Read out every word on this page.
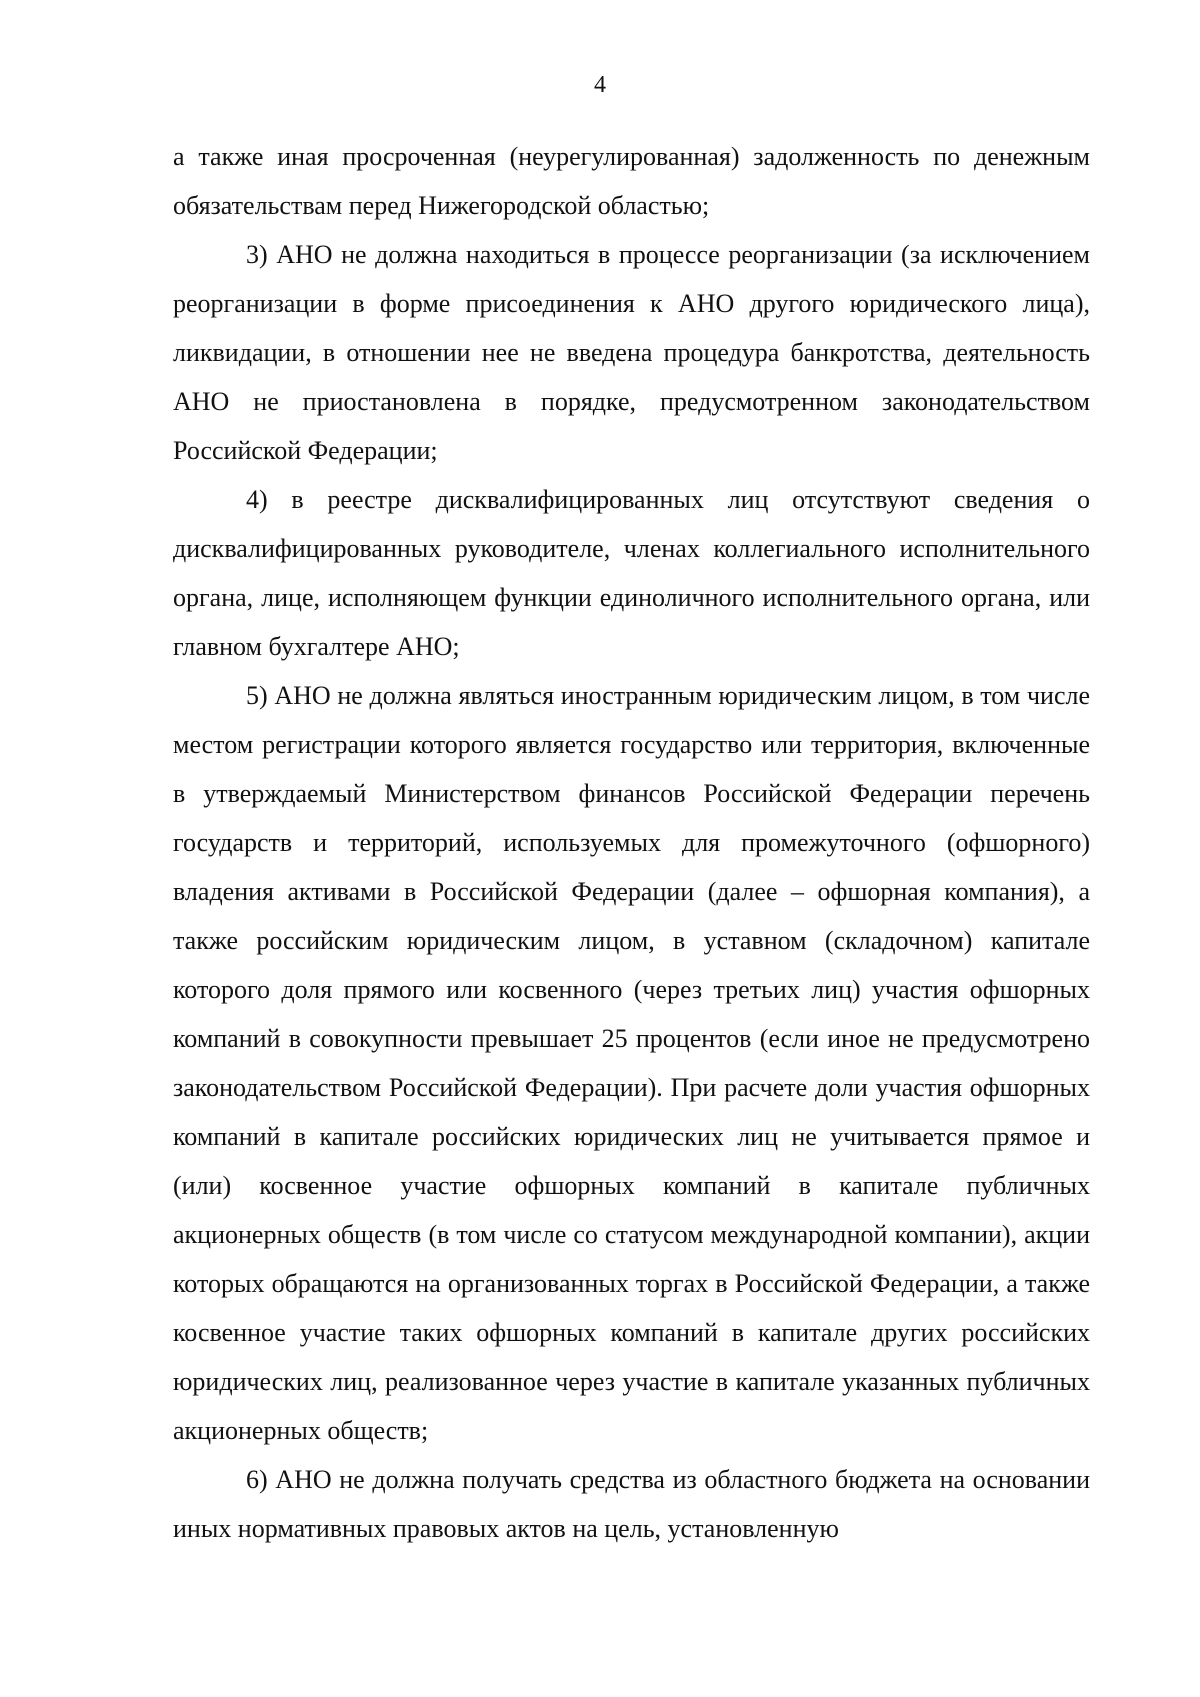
4

а также иная просроченная (неурегулированная) задолженность по денежным обязательствам перед Нижегородской областью;

3) АНО не должна находиться в процессе реорганизации (за исключением реорганизации в форме присоединения к АНО другого юридического лица), ликвидации, в отношении нее не введена процедура банкротства, деятельность АНО не приостановлена в порядке, предусмотренном законодательством Российской Федерации;

4) в реестре дисквалифицированных лиц отсутствуют сведения о дисквалифицированных руководителе, членах коллегиального исполнительного органа, лице, исполняющем функции единоличного исполнительного органа, или главном бухгалтере АНО;

5) АНО не должна являться иностранным юридическим лицом, в том числе местом регистрации которого является государство или территория, включенные в утверждаемый Министерством финансов Российской Федерации перечень государств и территорий, используемых для промежуточного (офшорного) владения активами в Российской Федерации (далее – офшорная компания), а также российским юридическим лицом, в уставном (складочном) капитале которого доля прямого или косвенного (через третьих лиц) участия офшорных компаний в совокупности превышает 25 процентов (если иное не предусмотрено законодательством Российской Федерации). При расчете доли участия офшорных компаний в капитале российских юридических лиц не учитывается прямое и (или) косвенное участие офшорных компаний в капитале публичных акционерных обществ (в том числе со статусом международной компании), акции которых обращаются на организованных торгах в Российской Федерации, а также косвенное участие таких офшорных компаний в капитале других российских юридических лиц, реализованное через участие в капитале указанных публичных акционерных обществ;

6) АНО не должна получать средства из областного бюджета на основании иных нормативных правовых актов на цель, установленную
